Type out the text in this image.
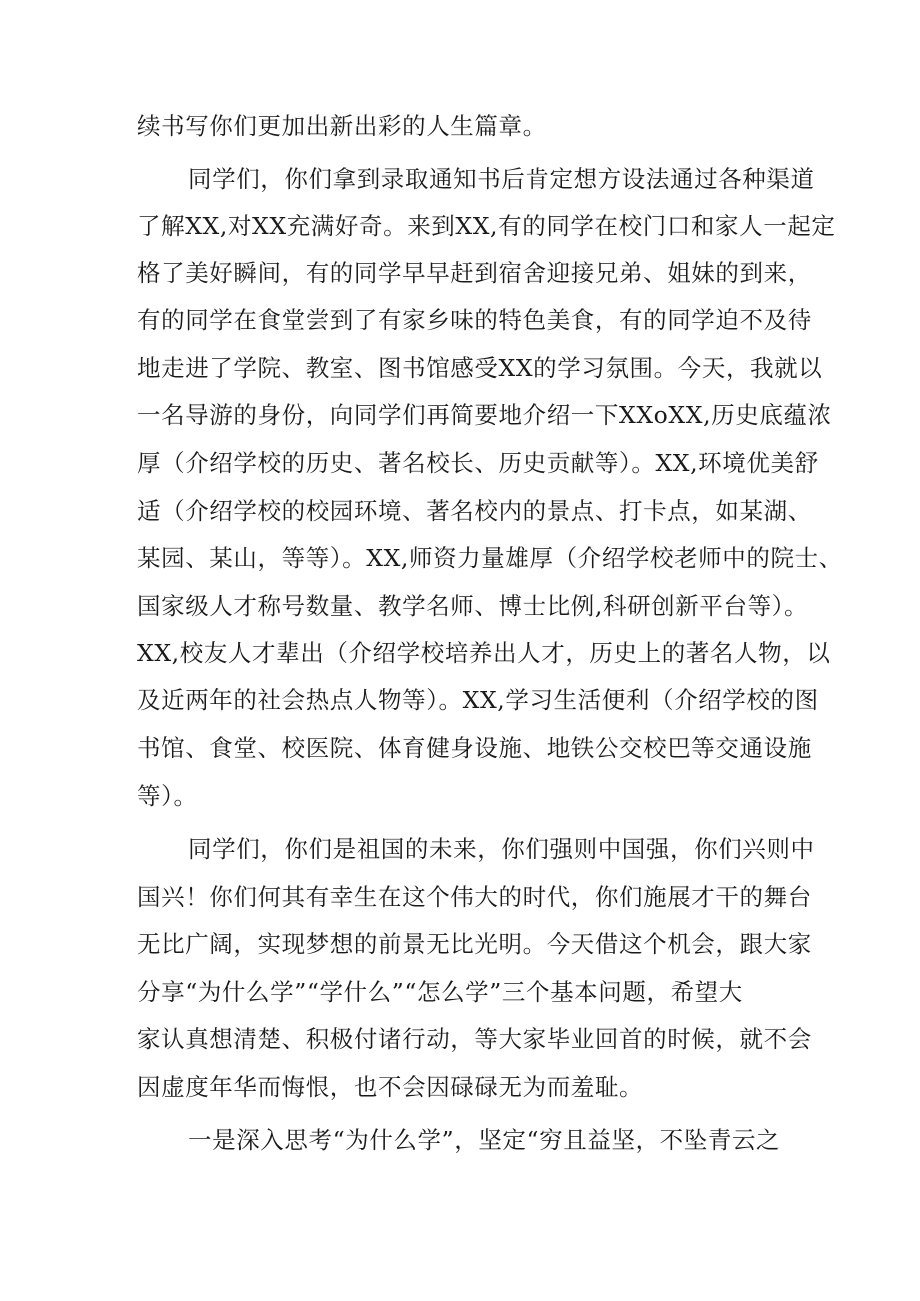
续书写你们更加出新出彩的人生篇章。
同学们，你们拿到录取通知书后肯定想方设法通过各种渠道
了解XX,对XX充满好奇。来到XX,有的同学在校门口和家人一起定
格了美好瞬间，有的同学早早赶到宿舍迎接兄弟、姐妹的到来，
有的同学在食堂尝到了有家乡味的特色美食，有的同学迫不及待
地走进了学院、教室、图书馆感受XX的学习氛围。今天，我就以
一名导游的身份，向同学们再简要地介绍一下XXoXX,历史底蕴浓
厚（介绍学校的历史、著名校长、历史贡献等）。XX,环境优美舒
适（介绍学校的校园环境、著名校内的景点、打卡点，如某湖、
某园、某山，等等）。XX,师资力量雄厚（介绍学校老师中的院士、
国家级人才称号数量、教学名师、博士比例,科研创新平台等）。
XX,校友人才辈出（介绍学校培养出人才，历史上的著名人物，以
及近两年的社会热点人物等）。XX,学习生活便利（介绍学校的图
书馆、食堂、校医院、体育健身设施、地铁公交校巴等交通设施
等）。
同学们，你们是祖国的未来，你们强则中国强，你们兴则中
国兴！你们何其有幸生在这个伟大的时代，你们施展才干的舞台
无比广阔，实现梦想的前景无比光明。今天借这个机会，跟大家
分享“为什么学”“学什么”“怎么学”三个基本问题，希望大
家认真想清楚、积极付诸行动，等大家毕业回首的时候，就不会
因虚度年华而悔恨，也不会因碌碌无为而羞耻。
一是深入思考“为什么学”，坚定“穷且益坚，不坠青云之
